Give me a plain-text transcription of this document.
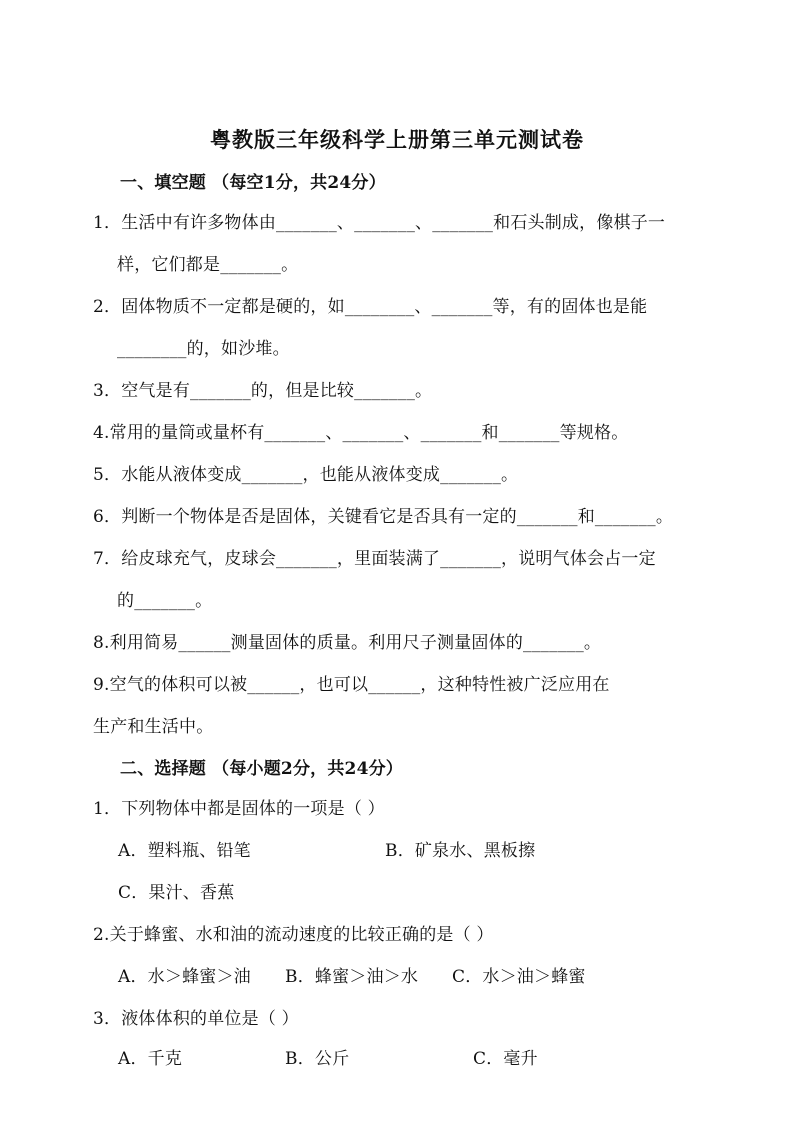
粤教版三年级科学上册第三单元测试卷
一、填空题 （每空1分，共24分）
1．生活中有许多物体由_______、_______、_______和石头制成，像棋子一
样，它们都是_______。
2．固体物质不一定都是硬的，如________、_______等，有的固体也是能
________的，如沙堆。
3．空气是有_______的，但是比较_______。
4.常用的量筒或量杯有_______、_______、_______和_______等规格。
5．水能从液体变成_______，也能从液体变成_______。
6．判断一个物体是否是固体，关键看它是否具有一定的_______和_______。
7．给皮球充气，皮球会_______，里面装满了_______，说明气体会占一定
的_______。
8.利用简易______测量固体的质量。利用尺子测量固体的_______。
9.空气的体积可以被______，也可以______，这种特性被广泛应用在
生产和生活中。
二、选择题 （每小题2分，共24分）
1．下列物体中都是固体的一项是（ ）
A．塑料瓶、铅笔	B．矿泉水、黑板擦
C．果汁、香蕉
2.关于蜂蜜、水和油的流动速度的比较正确的是（ ）
A．水＞蜂蜜＞油 B．蜂蜜＞油＞水 C．水＞油＞蜂蜜
3．液体体积的单位是（ ）
A．千克	B．公斤	C．毫升
